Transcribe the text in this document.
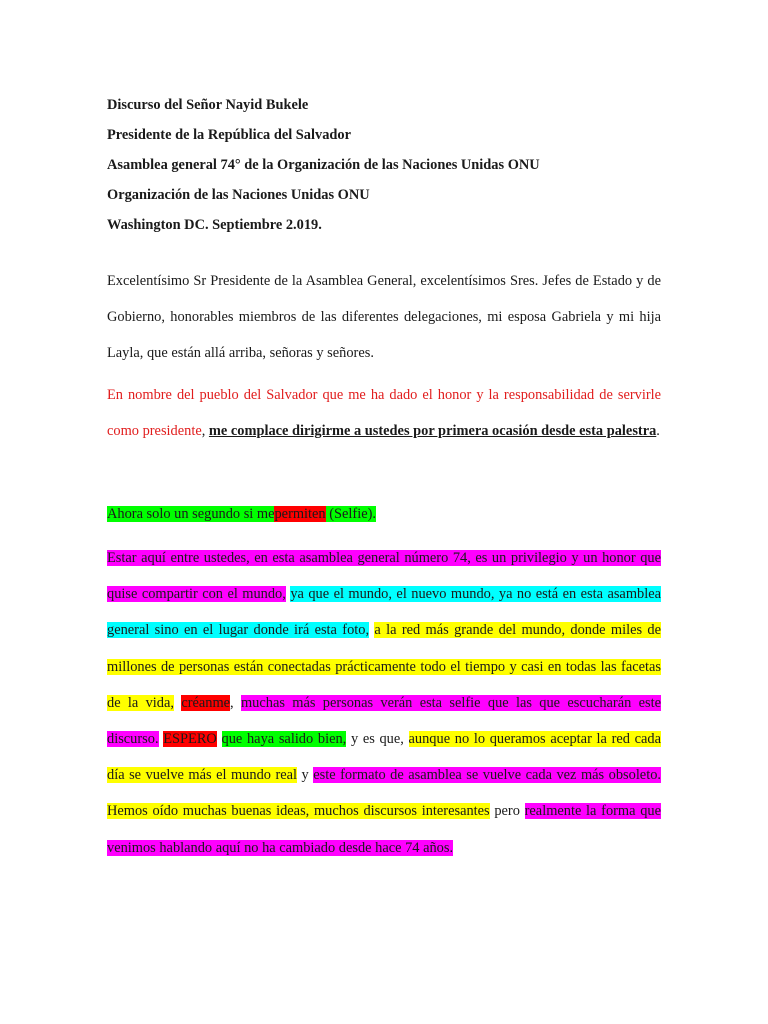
Discurso del Señor Nayid Bukele
Presidente de la República del Salvador
Asamblea general 74° de la Organización de las Naciones Unidas ONU
Organización de las Naciones Unidas ONU
Washington DC. Septiembre 2.019.
Excelentísimo Sr Presidente de la Asamblea General, excelentísimos Sres. Jefes de Estado y de Gobierno, honorables miembros de las diferentes delegaciones, mi esposa Gabriela y mi hija Layla, que están allá arriba, señoras y señores.
En nombre del pueblo del Salvador que me ha dado el honor y la responsabilidad de servirle como presidente, me complace dirigirme a ustedes por primera ocasión desde esta palestra.
Ahora solo un segundo si mepermiten (Selfie).
Estar aquí entre ustedes, en esta asamblea general número 74, es un privilegio y un honor que quise compartir con el mundo, ya que el mundo, el nuevo mundo, ya no está en esta asamblea general sino en el lugar donde irá esta foto, a la red más grande del mundo, donde miles de millones de personas están conectadas prácticamente todo el tiempo y casi en todas las facetas de la vida, créanme, muchas más personas verán esta selfie que las que escucharán este discurso. ESPERO que haya salido bien, y es que, aunque no lo queramos aceptar la red cada día se vuelve más el mundo real y este formato de asamblea se vuelve cada vez más obsoleto. Hemos oído muchas buenas ideas, muchos discursos interesantes pero realmente la forma que venimos hablando aquí no ha cambiado desde hace 74 años.
